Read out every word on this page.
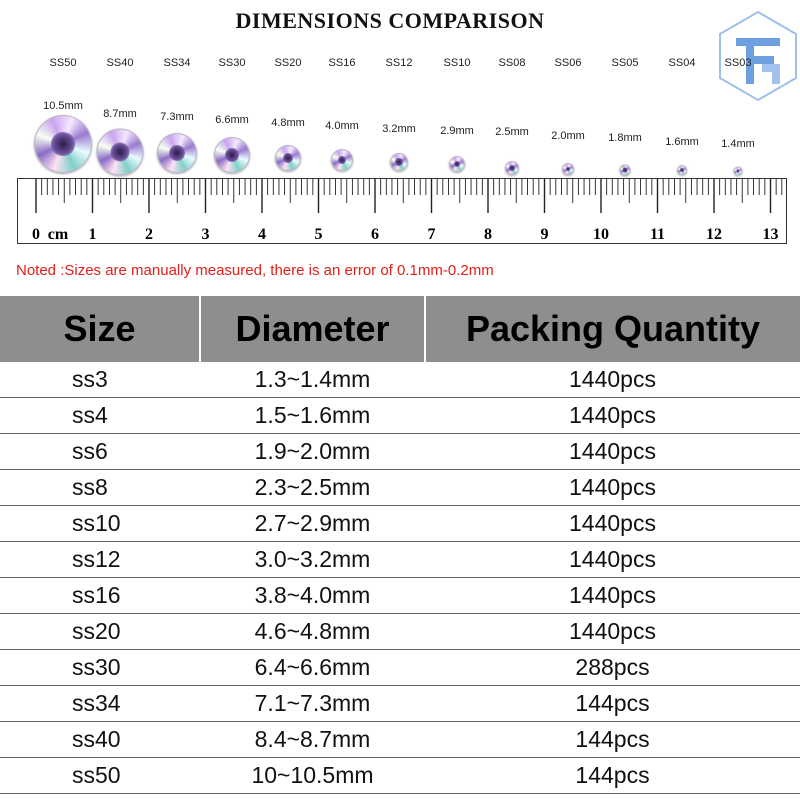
DIMENSIONS COMPARISON
SS50
10.5mm
SS40
8.7mm
SS34
7.3mm
SS30
6.6mm
SS20
4.8mm
SS16
4.0mm
SS12
3.2mm
SS10
2.9mm
SS08
2.5mm
SS06
2.0mm
SS05
1.8mm
SS04
1.6mm
SS03
1.4mm
0 cm 1	2	3	4	5	6	7	8	9	10	11	12	13
Noted :Sizes are manually measured, there is an error of 0.1mm-0.2mm
Size	Diameter	Packing Quantity
ss3	1.3~1.4mm	1440pcs
ss4	1.5~1.6mm	1440pcs
ss6	1.9~2.0mm	1440pcs
ss8	2.3~2.5mm	1440pcs
ss10	2.7~2.9mm	1440pcs
ss12	3.0~3.2mm	1440pcs
ss16	3.8~4.0mm	1440pcs
ss20	4.6~4.8mm	1440pcs
ss30	6.4~6.6mm	288pcs
ss34	7.1~7.3mm	144pcs
ss40	8.4~8.7mm	144pcs
ss50	10~10.5mm	144pcs
